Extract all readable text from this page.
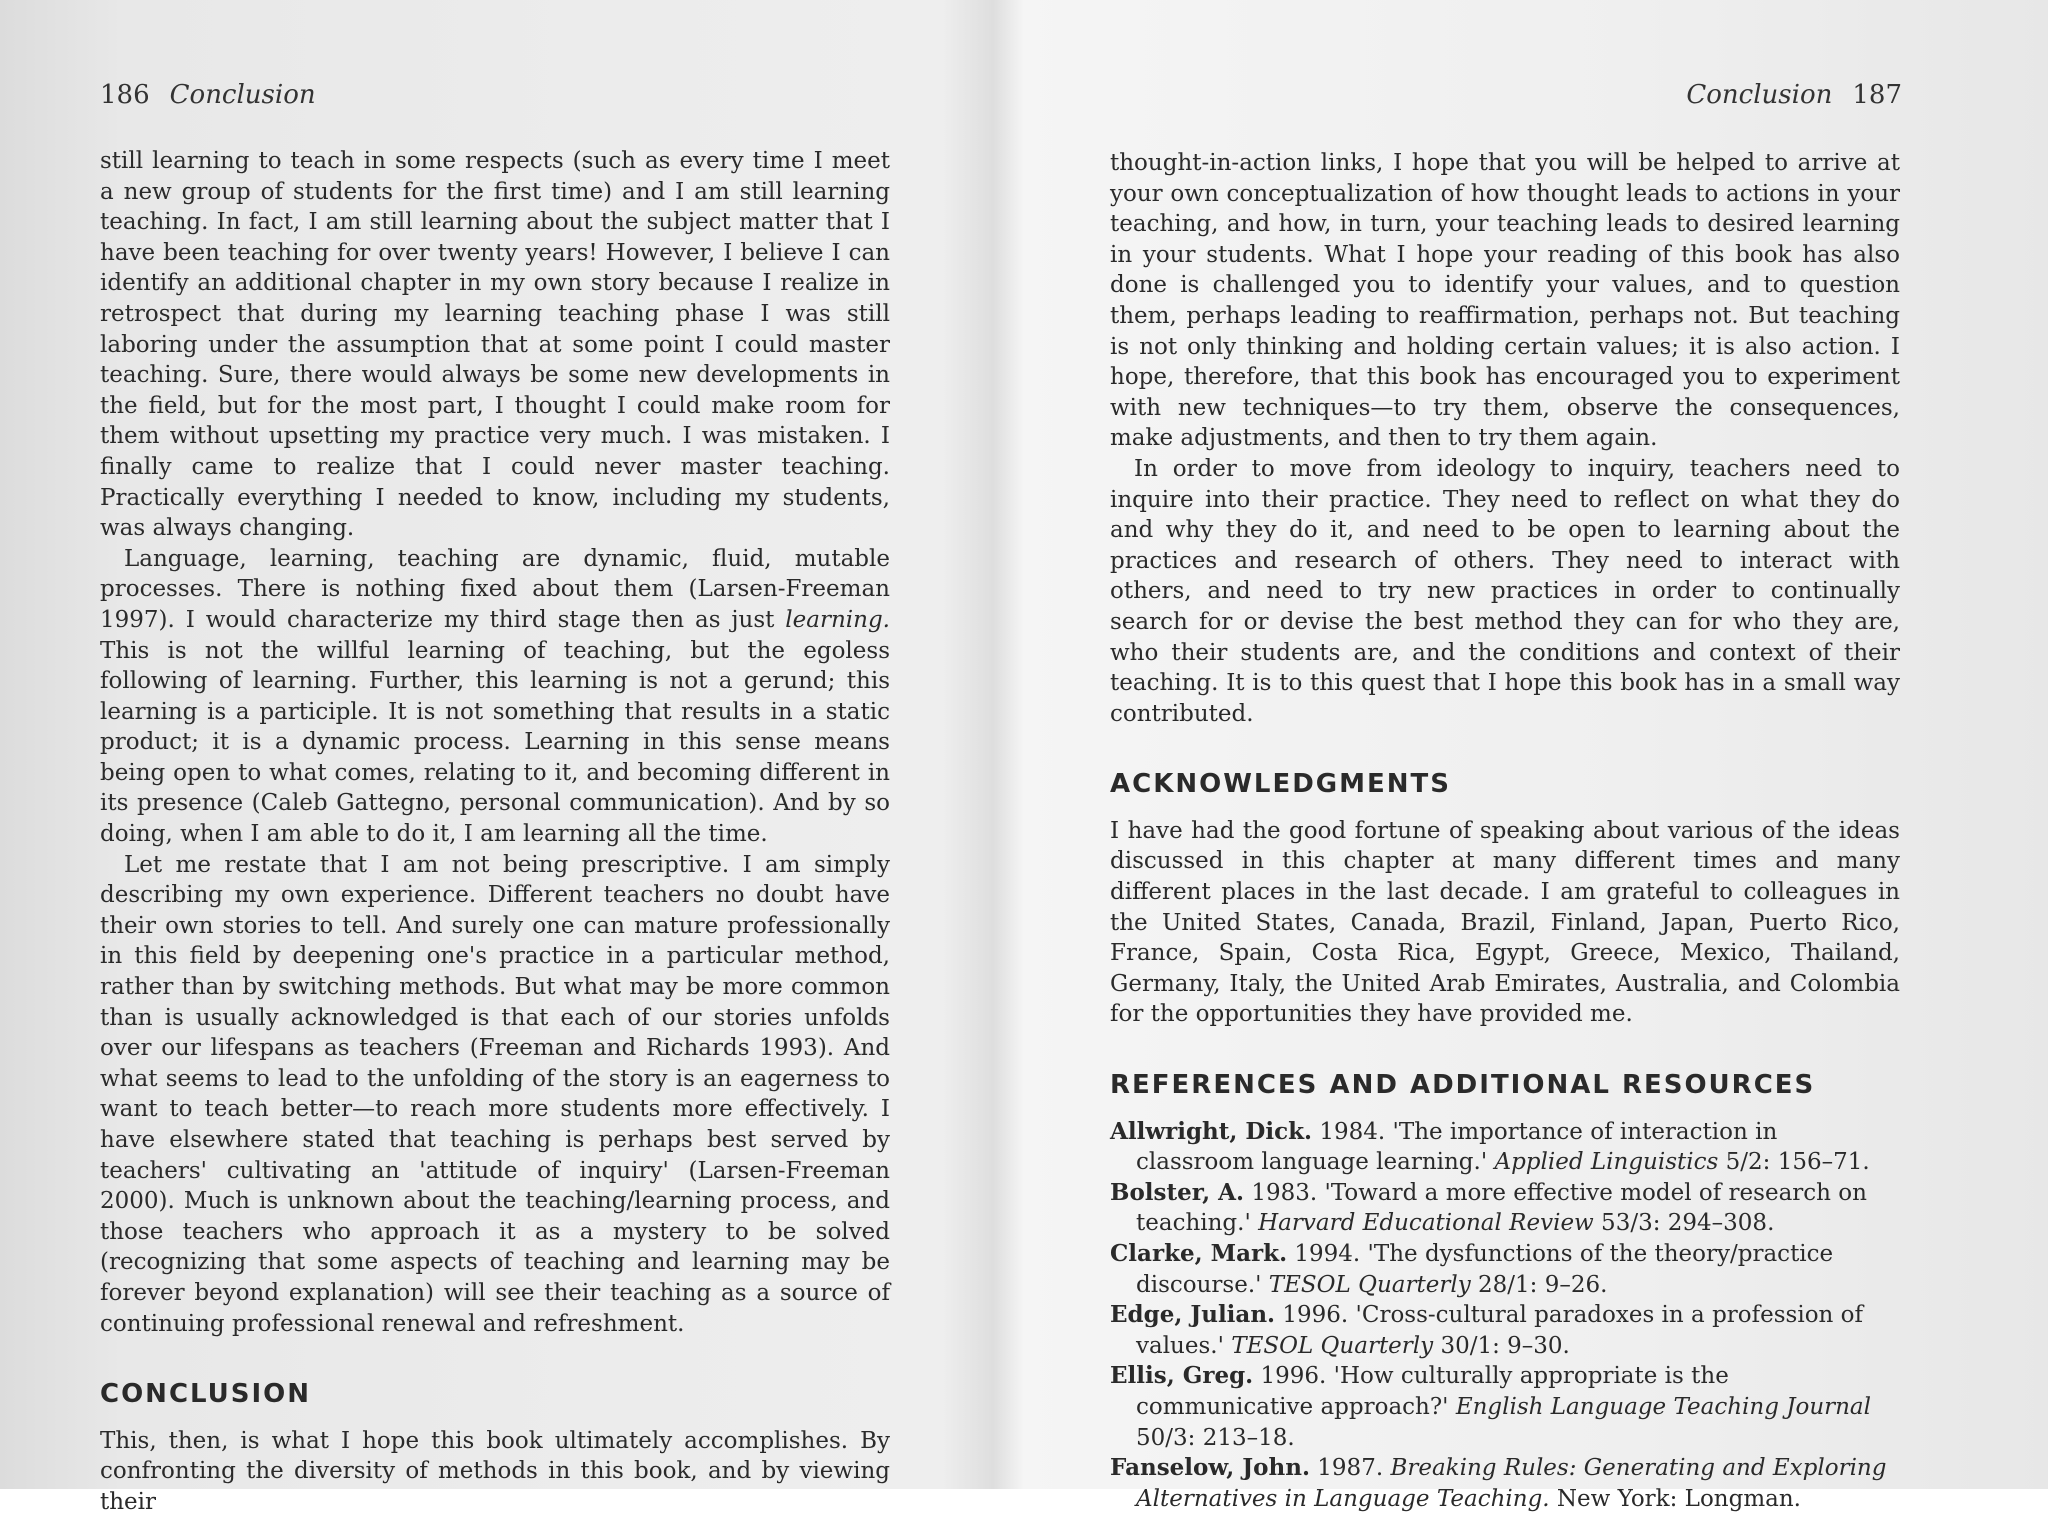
186 Conclusion

still learning to teach in some respects (such as every time I meet a new group of students for the first time) and I am still learning teaching. In fact, I am still learning about the subject matter that I have been teaching for over twenty years! However, I believe I can identify an additional chapter in my own story because I realize in retrospect that during my learning teaching phase I was still laboring under the assumption that at some point I could master teaching. Sure, there would always be some new developments in the field, but for the most part, I thought I could make room for them without upsetting my practice very much. I was mistaken. I finally came to realize that I could never master teaching. Practically everything I needed to know, including my students, was always changing.

Language, learning, teaching are dynamic, fluid, mutable processes. There is nothing fixed about them (Larsen-Freeman 1997). I would characterize my third stage then as just learning. This is not the willful learning of teaching, but the egoless following of learning. Further, this learning is not a gerund; this learning is a participle. It is not something that results in a static product; it is a dynamic process. Learning in this sense means being open to what comes, relating to it, and becoming different in its presence (Caleb Gattegno, personal communication). And by so doing, when I am able to do it, I am learning all the time.

Let me restate that I am not being prescriptive. I am simply describing my own experience. Different teachers no doubt have their own stories to tell. And surely one can mature professionally in this field by deepening one's practice in a particular method, rather than by switching methods. But what may be more common than is usually acknowledged is that each of our stories unfolds over our lifespans as teachers (Freeman and Richards 1993). And what seems to lead to the unfolding of the story is an eagerness to want to teach better—to reach more students more effectively. I have elsewhere stated that teaching is perhaps best served by teachers' cultivating an 'attitude of inquiry' (Larsen-Freeman 2000). Much is unknown about the teaching/learning process, and those teachers who approach it as a mystery to be solved (recognizing that some aspects of teaching and learning may be forever beyond explanation) will see their teaching as a source of continuing professional renewal and refreshment.

CONCLUSION

This, then, is what I hope this book ultimately accomplishes. By confronting the diversity of methods in this book, and by viewing their

Conclusion 187

thought-in-action links, I hope that you will be helped to arrive at your own conceptualization of how thought leads to actions in your teaching, and how, in turn, your teaching leads to desired learning in your students. What I hope your reading of this book has also done is challenged you to identify your values, and to question them, perhaps leading to reaffirmation, perhaps not. But teaching is not only thinking and holding certain values; it is also action. I hope, therefore, that this book has encouraged you to experiment with new techniques—to try them, observe the consequences, make adjustments, and then to try them again.

In order to move from ideology to inquiry, teachers need to inquire into their practice. They need to reflect on what they do and why they do it, and need to be open to learning about the practices and research of others. They need to interact with others, and need to try new practices in order to continually search for or devise the best method they can for who they are, who their students are, and the conditions and context of their teaching. It is to this quest that I hope this book has in a small way contributed.

ACKNOWLEDGMENTS

I have had the good fortune of speaking about various of the ideas discussed in this chapter at many different times and many different places in the last decade. I am grateful to colleagues in the United States, Canada, Brazil, Finland, Japan, Puerto Rico, France, Spain, Costa Rica, Egypt, Greece, Mexico, Thailand, Germany, Italy, the United Arab Emirates, Australia, and Colombia for the opportunities they have provided me.

REFERENCES AND ADDITIONAL RESOURCES

Allwright, Dick. 1984. 'The importance of interaction in classroom language learning.' Applied Linguistics 5/2: 156–71.

Bolster, A. 1983. 'Toward a more effective model of research on teaching.' Harvard Educational Review 53/3: 294–308.

Clarke, Mark. 1994. 'The dysfunctions of the theory/practice discourse.' TESOL Quarterly 28/1: 9–26.

Edge, Julian. 1996. 'Cross-cultural paradoxes in a profession of values.' TESOL Quarterly 30/1: 9–30.

Ellis, Greg. 1996. 'How culturally appropriate is the communicative approach?' English Language Teaching Journal 50/3: 213–18.

Fanselow, John. 1987. Breaking Rules: Generating and Exploring Alternatives in Language Teaching. New York: Longman.
